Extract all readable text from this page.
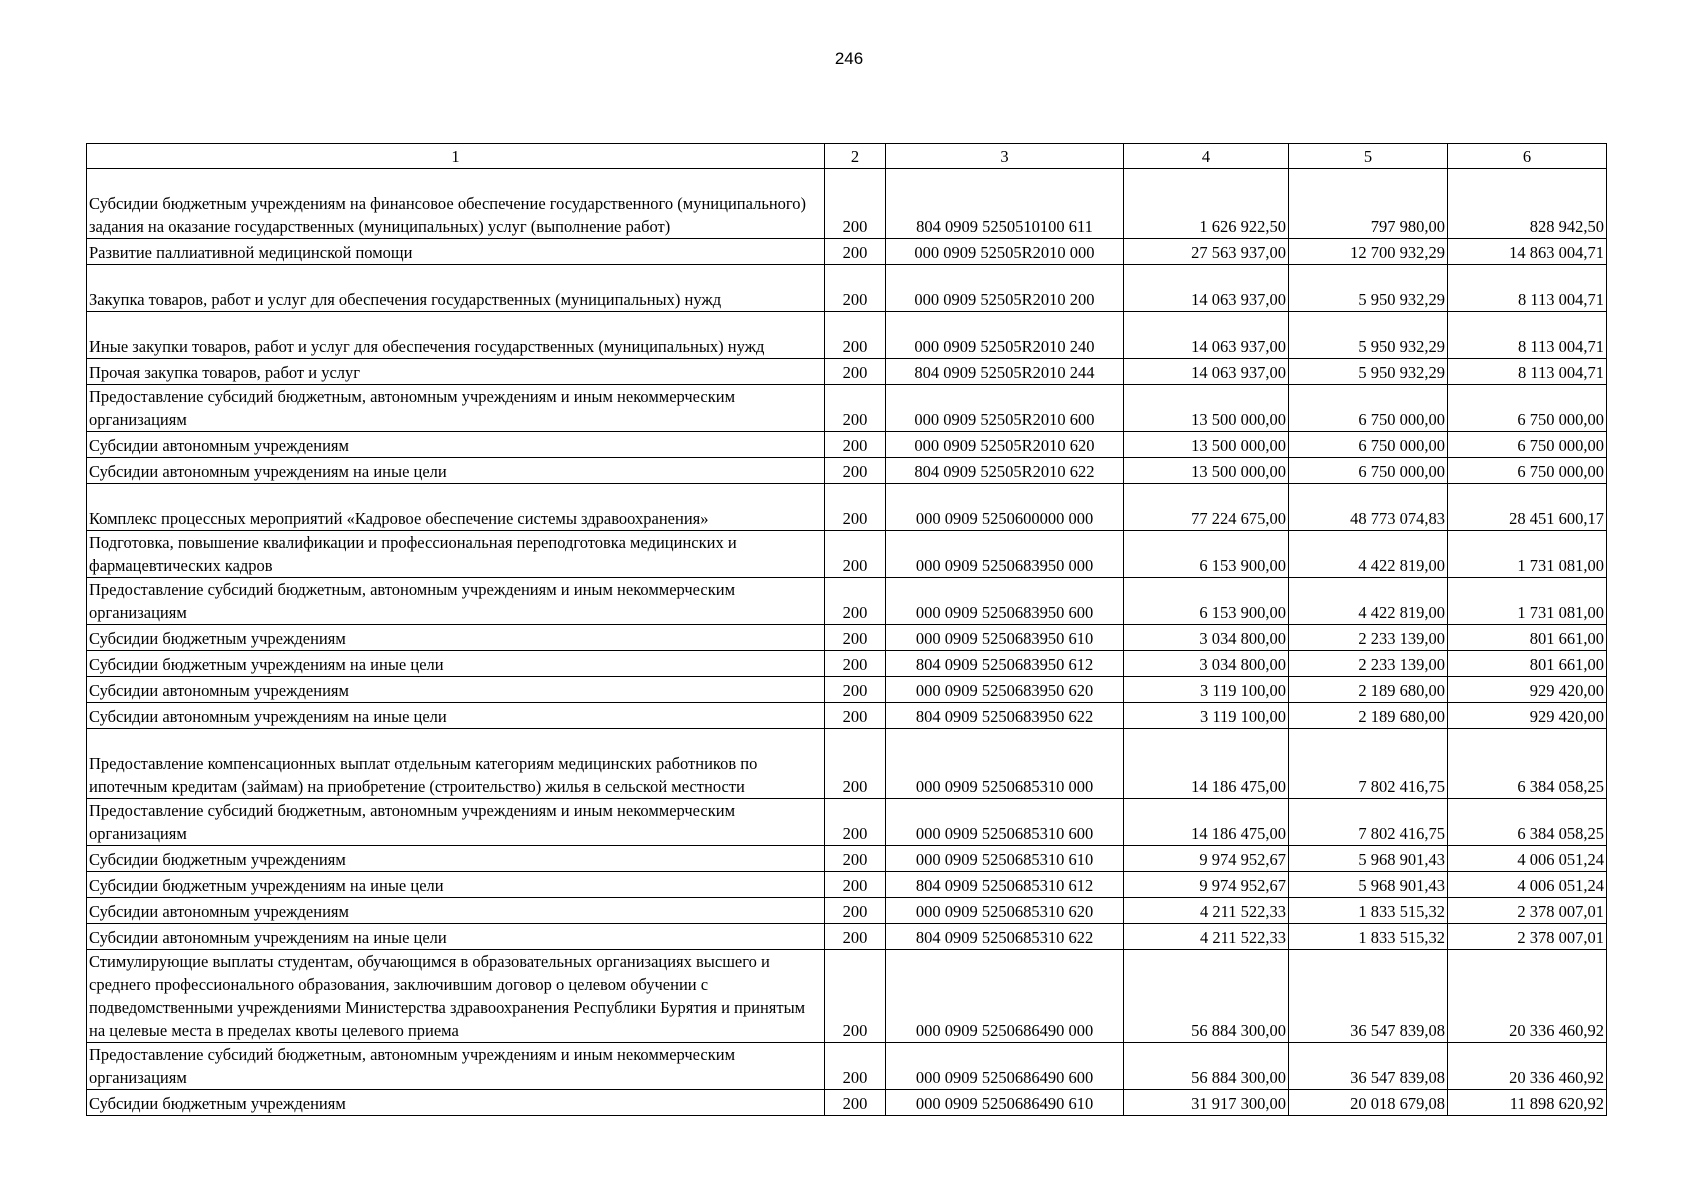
246
1	2	3	4	5	6
Субсидии бюджетным учреждениям на финансовое обеспечение государственного (муниципального) задания на оказание государственных (муниципальных) услуг (выполнение работ)	200	804 0909 5250510100 611	1 626 922,50	797 980,00	828 942,50
Развитие паллиативной медицинской помощи	200	000 0909 52505R2010 000	27 563 937,00	12 700 932,29	14 863 004,71
Закупка товаров, работ и услуг для обеспечения государственных (муниципальных) нужд	200	000 0909 52505R2010 200	14 063 937,00	5 950 932,29	8 113 004,71
Иные закупки товаров, работ и услуг для обеспечения государственных (муниципальных) нужд	200	000 0909 52505R2010 240	14 063 937,00	5 950 932,29	8 113 004,71
Прочая закупка товаров, работ и услуг	200	804 0909 52505R2010 244	14 063 937,00	5 950 932,29	8 113 004,71
Предоставление субсидий бюджетным, автономным учреждениям и иным некоммерческим организациям	200	000 0909 52505R2010 600	13 500 000,00	6 750 000,00	6 750 000,00
Субсидии автономным учреждениям	200	000 0909 52505R2010 620	13 500 000,00	6 750 000,00	6 750 000,00
Субсидии автономным учреждениям на иные цели	200	804 0909 52505R2010 622	13 500 000,00	6 750 000,00	6 750 000,00
Комплекс процессных мероприятий «Кадровое обеспечение системы здравоохранения»	200	000 0909 5250600000 000	77 224 675,00	48 773 074,83	28 451 600,17
Подготовка, повышение квалификации и профессиональная переподготовка медицинских и фармацевтических кадров	200	000 0909 5250683950 000	6 153 900,00	4 422 819,00	1 731 081,00
Предоставление субсидий бюджетным, автономным учреждениям и иным некоммерческим организациям	200	000 0909 5250683950 600	6 153 900,00	4 422 819,00	1 731 081,00
Субсидии бюджетным учреждениям	200	000 0909 5250683950 610	3 034 800,00	2 233 139,00	801 661,00
Субсидии бюджетным учреждениям на иные цели	200	804 0909 5250683950 612	3 034 800,00	2 233 139,00	801 661,00
Субсидии автономным учреждениям	200	000 0909 5250683950 620	3 119 100,00	2 189 680,00	929 420,00
Субсидии автономным учреждениям на иные цели	200	804 0909 5250683950 622	3 119 100,00	2 189 680,00	929 420,00
Предоставление компенсационных выплат отдельным категориям медицинских работников по ипотечным кредитам (займам) на приобретение (строительство) жилья в сельской местности	200	000 0909 5250685310 000	14 186 475,00	7 802 416,75	6 384 058,25
Предоставление субсидий бюджетным, автономным учреждениям и иным некоммерческим организациям	200	000 0909 5250685310 600	14 186 475,00	7 802 416,75	6 384 058,25
Субсидии бюджетным учреждениям	200	000 0909 5250685310 610	9 974 952,67	5 968 901,43	4 006 051,24
Субсидии бюджетным учреждениям на иные цели	200	804 0909 5250685310 612	9 974 952,67	5 968 901,43	4 006 051,24
Субсидии автономным учреждениям	200	000 0909 5250685310 620	4 211 522,33	1 833 515,32	2 378 007,01
Субсидии автономным учреждениям на иные цели	200	804 0909 5250685310 622	4 211 522,33	1 833 515,32	2 378 007,01
Стимулирующие выплаты студентам, обучающимся в образовательных организациях высшего и среднего профессионального образования, заключившим договор о целевом обучении с подведомственными учреждениями Министерства здравоохранения Республики Бурятия и принятым на целевые места в пределах квоты целевого приема	200	000 0909 5250686490 000	56 884 300,00	36 547 839,08	20 336 460,92
Предоставление субсидий бюджетным, автономным учреждениям и иным некоммерческим организациям	200	000 0909 5250686490 600	56 884 300,00	36 547 839,08	20 336 460,92
Субсидии бюджетным учреждениям	200	000 0909 5250686490 610	31 917 300,00	20 018 679,08	11 898 620,92
